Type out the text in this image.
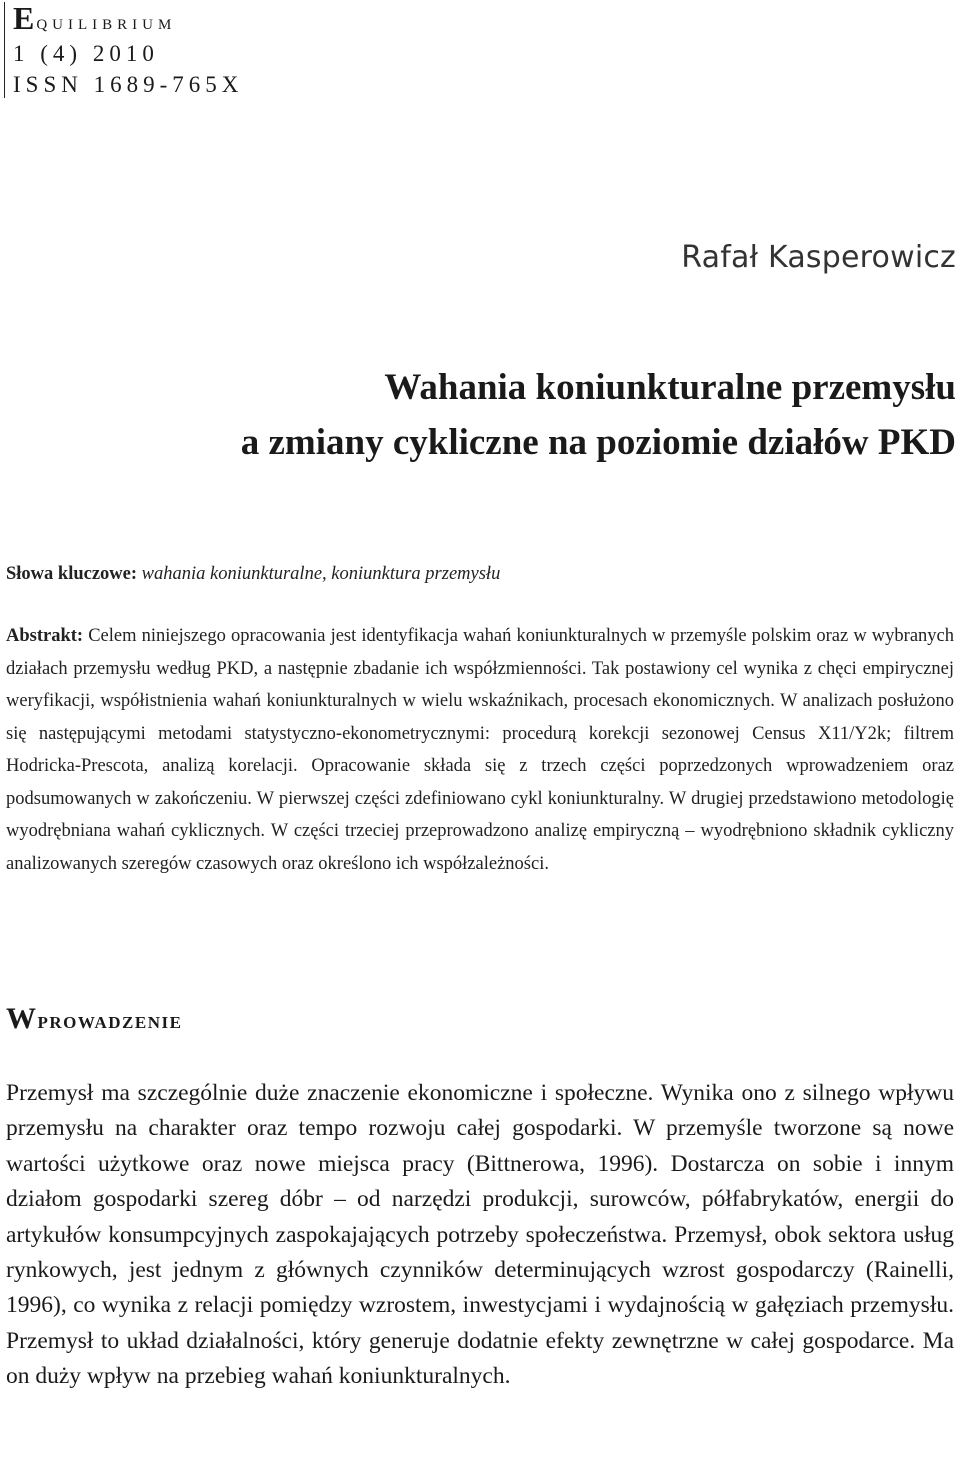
Equilibrium
1 (4) 2010
ISSN 1689-765X
Rafał Kasperowicz
Wahania koniunkturalne przemysłu
a zmiany cykliczne na poziomie działów PKD
Słowa kluczowe: wahania koniunkturalne, koniunktura przemysłu
Abstrakt: Celem niniejszego opracowania jest identyfikacja wahań koniunkturalnych w przemyśle polskim oraz w wybranych działach przemysłu według PKD, a następnie zbadanie ich współzmienności. Tak postawiony cel wynika z chęci empirycznej weryfikacji, współistnienia wahań koniunkturalnych w wielu wskaźnikach, procesach ekonomicznych. W analizach posłużono się następującymi metodami statystyczno-ekonometrycznymi: procedurą korekcji sezonowej Census X11/Y2k; filtrem Hodricka-Prescota, analizą korelacji. Opracowanie składa się z trzech części poprzedzonych wprowadzeniem oraz podsumowanych w zakończeniu. W pierwszej części zdefiniowano cykl koniunkturalny. W drugiej przedstawiono metodologię wyodrębniana wahań cyklicznych. W części trzeciej przeprowadzono analizę empiryczną – wyodrębniono składnik cykliczny analizowanych szeregów czasowych oraz określono ich współzależności.
Wprowadzenie
Przemysł ma szczególnie duże znaczenie ekonomiczne i społeczne. Wynika ono z silnego wpływu przemysłu na charakter oraz tempo rozwoju całej gospodarki. W przemyśle tworzone są nowe wartości użytkowe oraz nowe miejsca pracy (Bittnerowa, 1996). Dostarcza on sobie i innym działom gospodarki szereg dóbr – od narzędzi produkcji, surowców, półfabrykatów, energii do artykułów konsumpcyjnych zaspokajających potrzeby społeczeństwa. Przemysł, obok sektora usług rynkowych, jest jednym z głównych czynników determinujących wzrost gospodarczy (Rainelli, 1996), co wynika z relacji pomiędzy wzrostem, inwestycjami i wydajnością w gałęziach przemysłu. Przemysł to układ działalności, który generuje dodatnie efekty zewnętrzne w całej gospodarce. Ma on duży wpływ na przebieg wahań koniunkturalnych.
